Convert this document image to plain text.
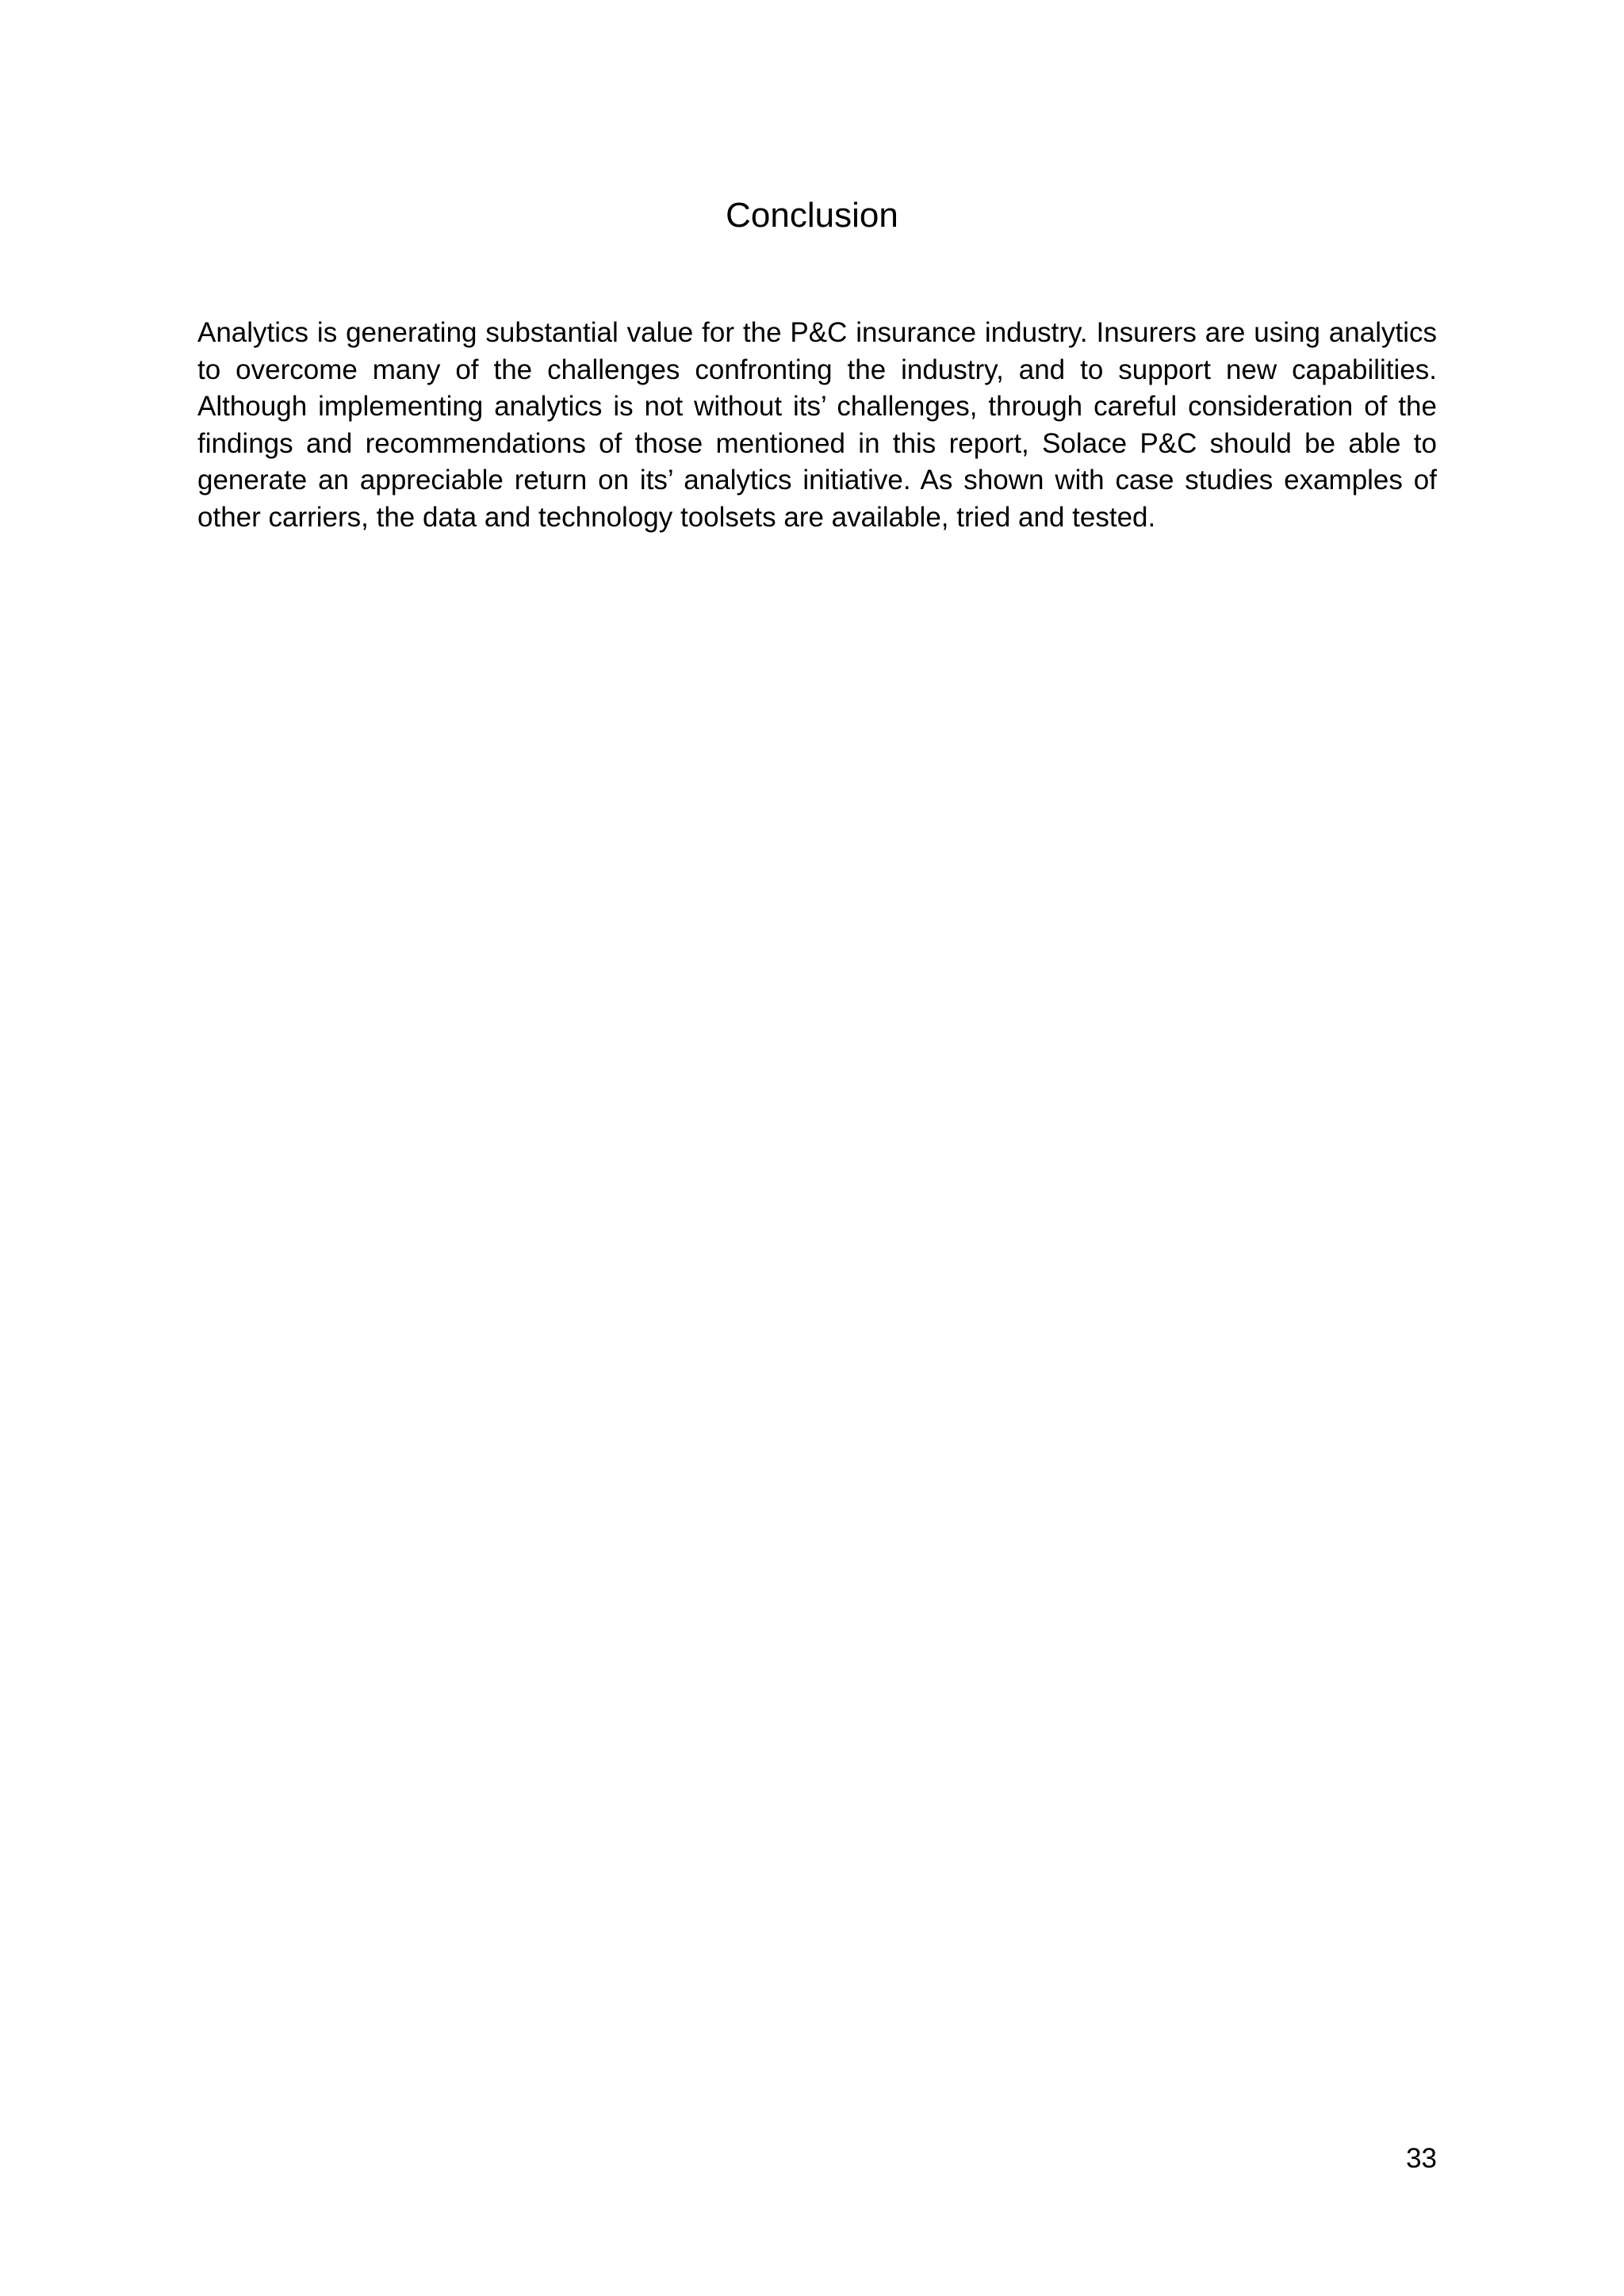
Conclusion

Analytics is generating substantial value for the P&C insurance industry. Insurers are using analytics to overcome many of the challenges confronting the industry, and to support new capabilities. Although implementing analytics is not without its’ challenges, through careful consideration of the findings and recommendations of those mentioned in this report, Solace P&C should be able to generate an appreciable return on its’ analytics initiative. As shown with case studies examples of other carriers, the data and technology toolsets are available, tried and tested.

33
